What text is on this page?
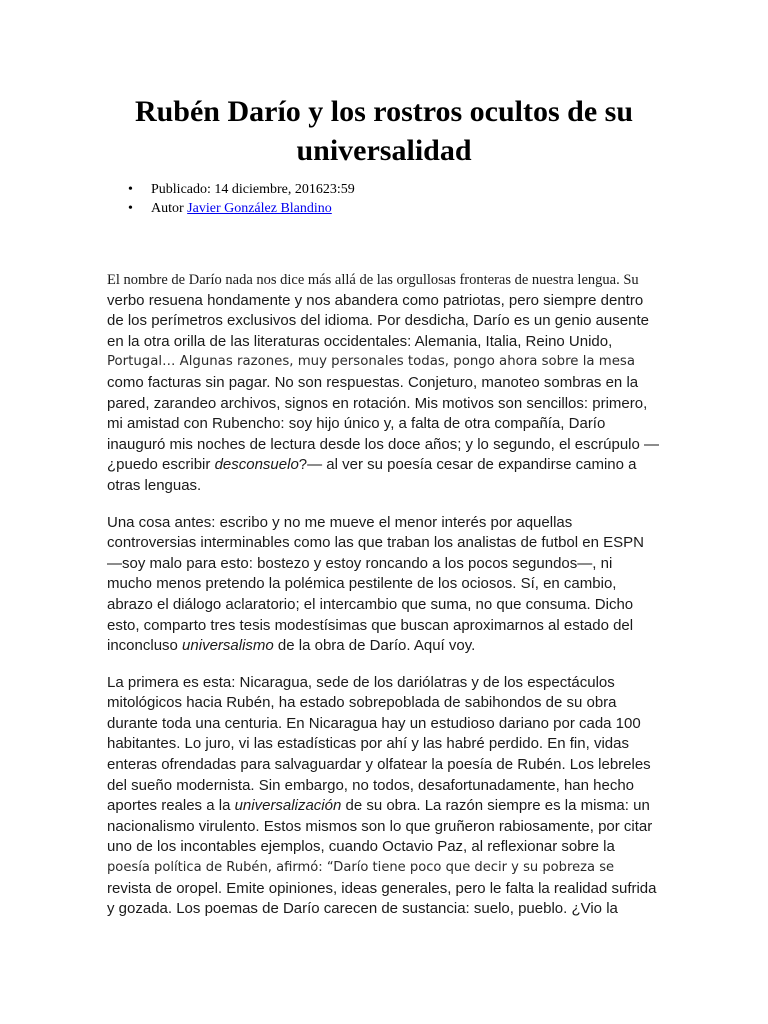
Rubén Darío y los rostros ocultos de su
universalidad
• Publicado: 14 diciembre, 201623:59
• Autor Javier González Blandino

El nombre de Darío nada nos dice más allá de las orgullosas fronteras de nuestra lengua. Su
verbo resuena hondamente y nos abandera como patriotas, pero siempre dentro
de los perímetros exclusivos del idioma. Por desdicha, Darío es un genio ausente
en la otra orilla de las literaturas occidentales: Alemania, Italia, Reino Unido,
Portugal… Algunas razones, muy personales todas, pongo ahora sobre la mesa
como facturas sin pagar. No son respuestas. Conjeturo, manoteo sombras en la
pared, zarandeo archivos, signos en rotación. Mis motivos son sencillos: primero,
mi amistad con Rubencho: soy hijo único y, a falta de otra compañía, Darío
inauguró mis noches de lectura desde los doce años; y lo segundo, el escrúpulo —
¿puedo escribir desconsuelo?— al ver su poesía cesar de expandirse camino a
otras lenguas.

Una cosa antes: escribo y no me mueve el menor interés por aquellas
controversias interminables como las que traban los analistas de futbol en ESPN
—soy malo para esto: bostezo y estoy roncando a los pocos segundos—, ni
mucho menos pretendo la polémica pestilente de los ociosos. Sí, en cambio,
abrazo el diálogo aclaratorio; el intercambio que suma, no que consuma. Dicho
esto, comparto tres tesis modestísimas que buscan aproximarnos al estado del
inconcluso universalismo de la obra de Darío. Aquí voy.

La primera es esta: Nicaragua, sede de los dariólatras y de los espectáculos
mitológicos hacia Rubén, ha estado sobrepoblada de sabihondos de su obra
durante toda una centuria. En Nicaragua hay un estudioso dariano por cada 100
habitantes. Lo juro, vi las estadísticas por ahí y las habré perdido. En fin, vidas
enteras ofrendadas para salvaguardar y olfatear la poesía de Rubén. Los lebreles
del sueño modernista. Sin embargo, no todos, desafortunadamente, han hecho
aportes reales a la universalización de su obra. La razón siempre es la misma: un
nacionalismo virulento. Estos mismos son lo que gruñeron rabiosamente, por citar
uno de los incontables ejemplos, cuando Octavio Paz, al reflexionar sobre la
poesía política de Rubén, afirmó: “Darío tiene poco que decir y su pobreza se
revista de oropel. Emite opiniones, ideas generales, pero le falta la realidad sufrida
y gozada. Los poemas de Darío carecen de sustancia: suelo, pueblo. ¿Vio la
